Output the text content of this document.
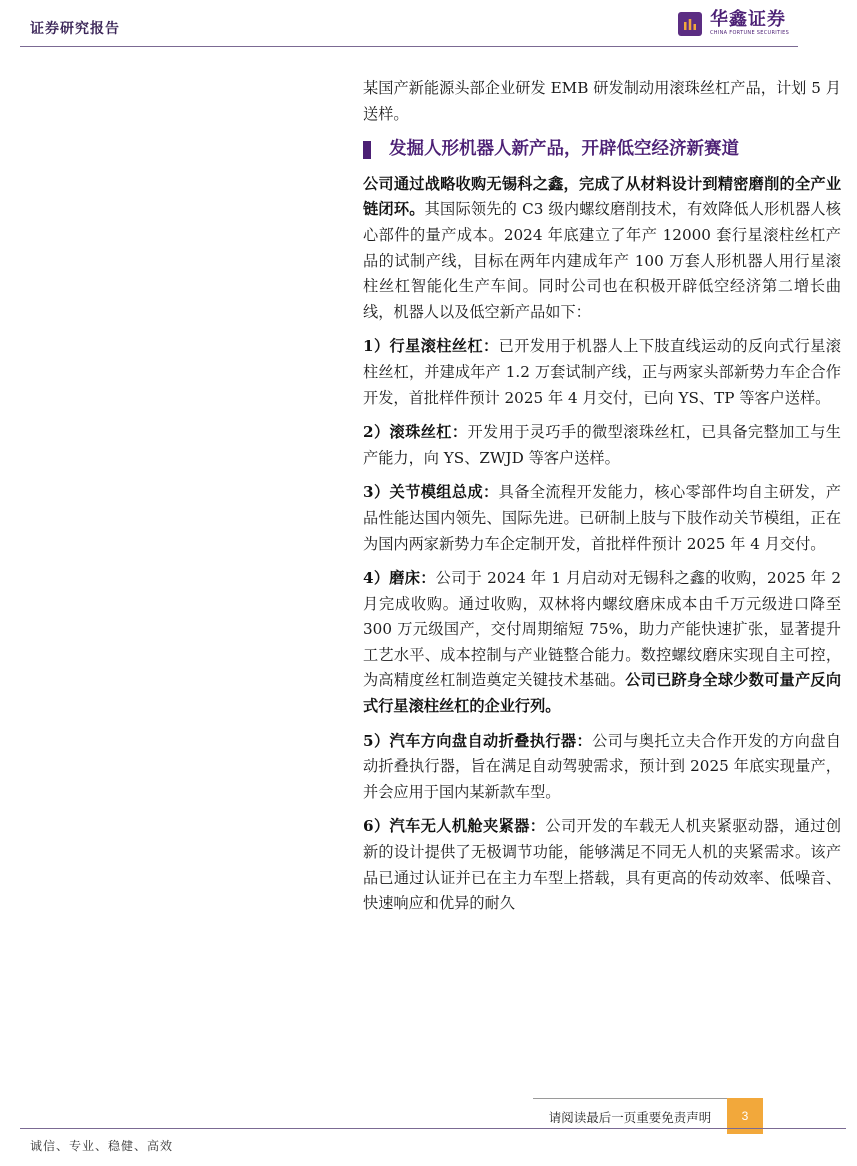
证券研究报告	华鑫证券
CHINA FORTUNE SECURITIES

某国产新能源头部企业研发 EMB 研发制动用滚珠丝杠产品，计划 5 月送样。

发掘人形机器人新产品，开辟低空经济新赛道

公司通过战略收购无锡科之鑫，完成了从材料设计到精密磨削的全产业链闭环。其国际领先的 C3 级内螺纹磨削技术，有效降低人形机器人核心部件的量产成本。2024 年底建立了年产 12000 套行星滚柱丝杠产品的试制产线，目标在两年内建成年产 100 万套人形机器人用行星滚柱丝杠智能化生产车间。同时公司也在积极开辟低空经济第二增长曲线，机器人以及低空新产品如下：

1）行星滚柱丝杠：已开发用于机器人上下肢直线运动的反向式行星滚柱丝杠，并建成年产 1.2 万套试制产线，正与两家头部新势力车企合作开发，首批样件预计 2025 年 4 月交付，已向 YS、TP 等客户送样。

2）滚珠丝杠：开发用于灵巧手的微型滚珠丝杠，已具备完整加工与生产能力，向 YS、ZWJD 等客户送样。

3）关节模组总成：具备全流程开发能力，核心零部件均自主研发，产品性能达国内领先、国际先进。已研制上肢与下肢作动关节模组，正在为国内两家新势力车企定制开发，首批样件预计 2025 年 4 月交付。

4）磨床：公司于 2024 年 1 月启动对无锡科之鑫的收购，2025 年 2 月完成收购。通过收购，双林将内螺纹磨床成本由千万元级进口降至 300 万元级国产，交付周期缩短 75%，助力产能快速扩张，显著提升工艺水平、成本控制与产业链整合能力。数控螺纹磨床实现自主可控，为高精度丝杠制造奠定关键技术基础。公司已跻身全球少数可量产反向式行星滚柱丝杠的企业行列。

5）汽车方向盘自动折叠执行器：公司与奥托立夫合作开发的方向盘自动折叠执行器，旨在满足自动驾驶需求，预计到 2025 年底实现量产，并会应用于国内某新款车型。

6）汽车无人机舱夹紧器：公司开发的车载无人机夹紧驱动器，通过创新的设计提供了无极调节功能，能够满足不同无人机的夹紧需求。该产品已通过认证并已在主力车型上搭载，具有更高的传动效率、低噪音、快速响应和优异的耐久

请阅读最后一页重要免责声明	3
诚信、专业、稳健、高效
